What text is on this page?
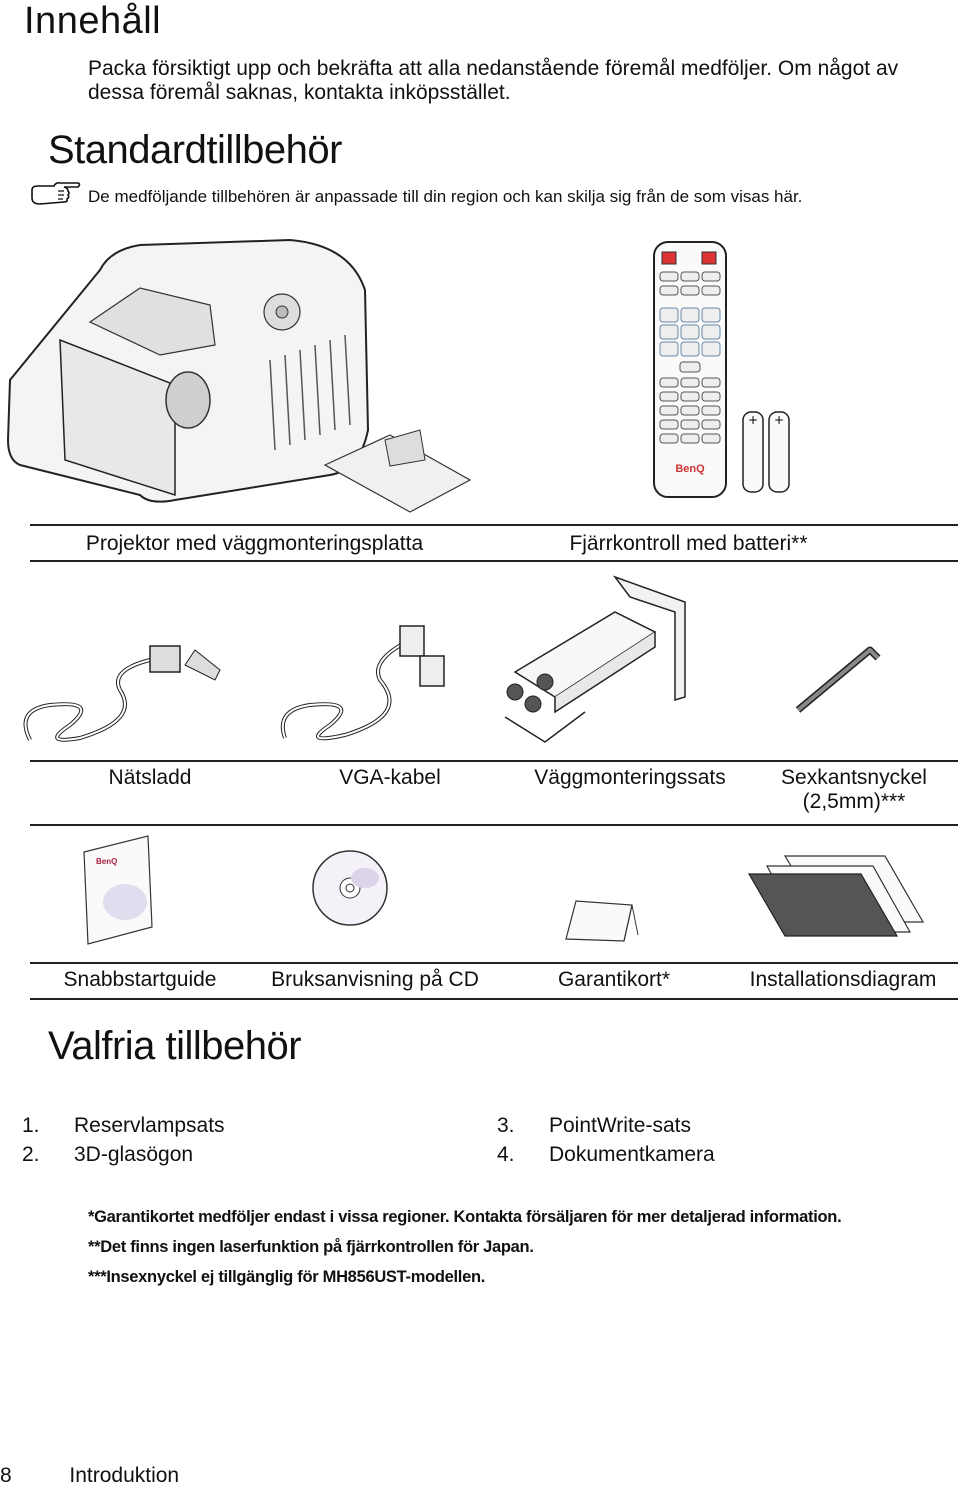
Innehåll
Packa försiktigt upp och bekräfta att alla nedanstående föremål medföljer. Om något av dessa föremål saknas, kontakta inköpsstället.
Standardtillbehör
De medföljande tillbehören är anpassade till din region och kan skilja sig från de som visas här.
BenQ
+ +
Projektor med väggmonteringsplatta	Fjärrkontroll med batteri**
Nätsladd	VGA-kabel	Väggmonteringssats	Sexkantsnyckel
(2,5mm)***
BenQ
Snabbstartguide	Bruksanvisning på CD	Garantikort*	Installationsdiagram
Valfria tillbehör
1. Reservlampsats
2. 3D-glasögon
3. PointWrite-sats
4. Dokumentkamera
*Garantikortet medföljer endast i vissa regioner. Kontakta försäljaren för mer detaljerad information.
**Det finns ingen laserfunktion på fjärrkontrollen för Japan.
***Insexnyckel ej tillgänglig för MH856UST-modellen.
8	Introduktion
